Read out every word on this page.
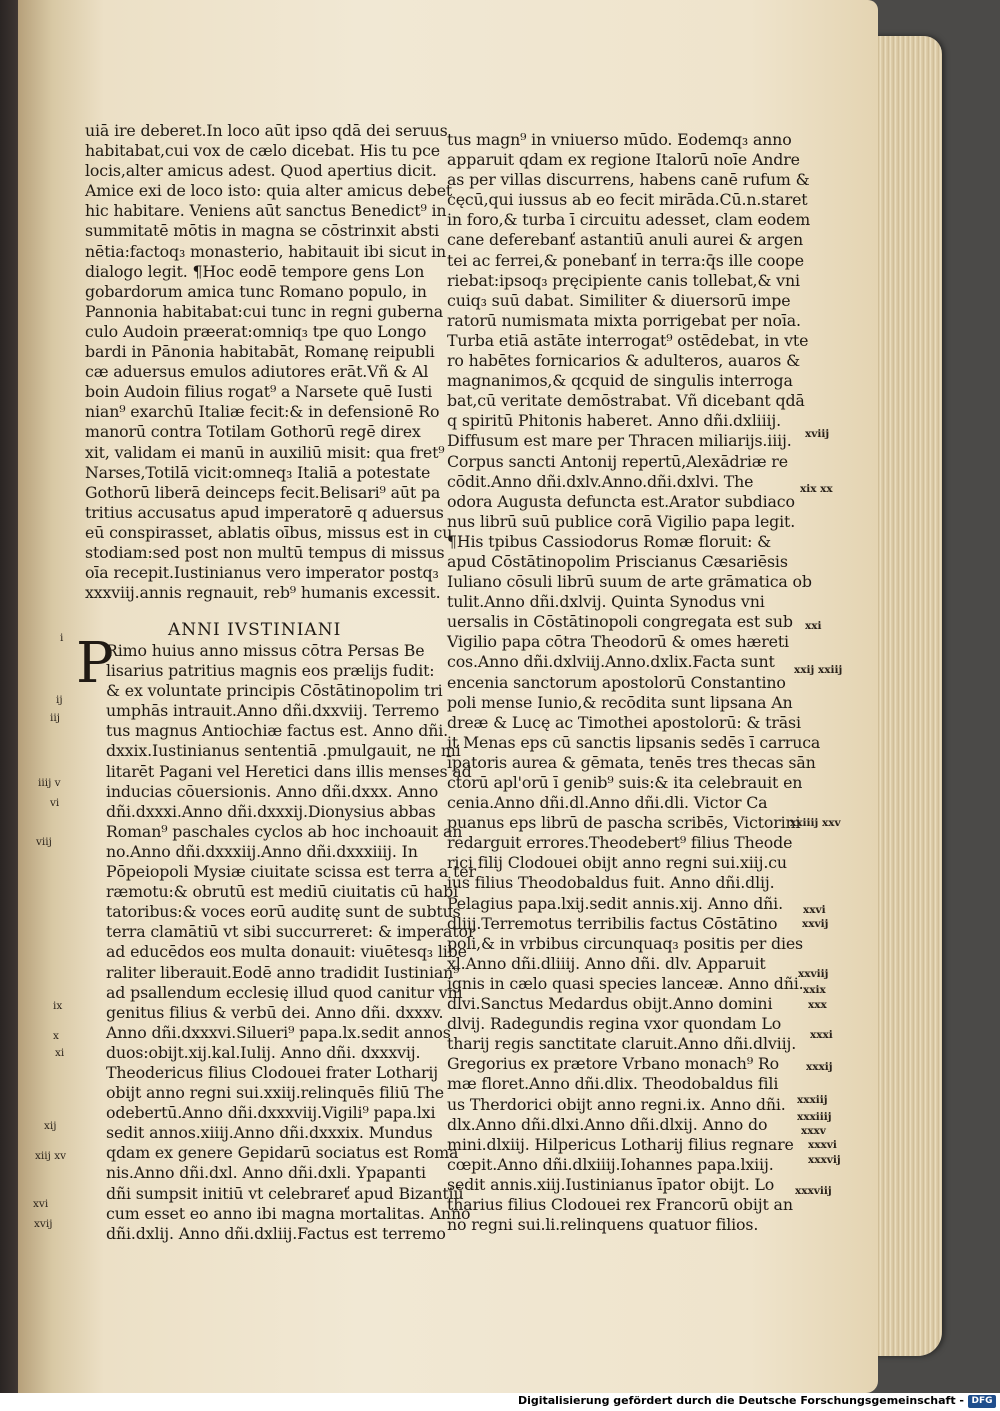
uiā ire deberet.In loco aūt ipso qdā dei seruus
habitabat,cui vox de cælo dicebat. His tu pce
locis,alter amicus adest. Quod apertius dicit.
Amice exi de loco isto: quia alter amicus debet
hic habitare. Veniens aūt sanctus Benedict⁹ in
summitatē mōtis in magna se cōstrinxit absti
nētia:factoq₃ monasterio, habitauit ibi sicut in
dialogo legit. ¶Hoc eodē tempore gens Lon
gobardorum amica tunc Romano populo, in
Pannonia habitabat:cui tunc in regni guberna
culo Audoin præerat:omniq₃ tpe quo Longo
bardi in Pānonia habitabāt, Romanę reipubli
cæ aduersus emulos adiutores erāt.Vñ & Al
boin Audoin filius rogat⁹ a Narsete quē Iusti
nian⁹ exarchū Italiæ fecit:& in defensionē Ro
manorū contra Totilam Gothorū regē direx
xit, validam ei manū in auxiliū misit: qua fret⁹
Narses,Totilā vicit:omneq₃ Italiā a potestate
Gothorū liberā deinceps fecit.Belisari⁹ aūt pa
tritius accusatus apud imperatorē q aduersus
eū conspirasset, ablatis oībus, missus est in cu
stodiam:sed post non multū tempus di missus
oīa recepit.Iustinianus vero imperator postq₃
xxxviij.annis regnauit, reb⁹ humanis excessit.
ANNI IVSTINIANI
P
Rimo huius anno missus cōtra Persas Be
lisarius patritius magnis eos prælijs fudit:
& ex voluntate principis Cōstātinopolim tri
umphās intrauit.Anno dñi.dxxviij. Terremo
tus magnus Antiochiæ factus est. Anno dñi.
dxxix.Iustinianus sententiā .pmulgauit, ne mi
litarēt Pagani vel Heretici dans illis menses ad
inducias cōuersionis. Anno dñi.dxxx. Anno
dñi.dxxxi.Anno dñi.dxxxij.Dionysius abbas
Roman⁹ paschales cyclos ab hoc inchoauit an
no.Anno dñi.dxxxiij.Anno dñi.dxxxiiij. In
Pōpeiopoli Mysiæ ciuitate scissa est terra a ter
ræmotu:& obrutū est mediū ciuitatis cū habi
tatoribus:& voces eorū auditę sunt de subtus
terra clamātiū vt sibi succurreret: & imperator
ad educēdos eos multa donauit: viuētesq₃ libe
raliter liberauit.Eodē anno tradidit Iustinian⁹
ad psallendum ecclesię illud quod canitur vni
genitus filius & verbū dei. Anno dñi. dxxxv.
Anno dñi.dxxxvi.Silueri⁹ papa.lx.sedit annos
duos:obijt.xij.kal.Iulij. Anno dñi. dxxxvij.
Theodericus filius Clodouei frater Lotharij
obijt anno regni sui.xxiij.relinquēs filiū The
odebertū.Anno dñi.dxxxviij.Vigili⁹ papa.lxi
sedit annos.xiiij.Anno dñi.dxxxix. Mundus
qdam ex genere Gepidarū sociatus est Roma
nis.Anno dñi.dxl. Anno dñi.dxli. Ypapanti
dñi sumpsit initiū vt celebrareť apud Bizantiū
cum esset eo anno ibi magna mortalitas. Anno
dñi.dxlij. Anno dñi.dxliij.Factus est terremo
tus magn⁹ in vniuerso mūdo. Eodemq₃ anno
apparuit qdam ex regione Italorū noīe Andre
as per villas discurrens, habens canē rufum &
cęcū,qui iussus ab eo fecit mirāda.Cū.n.staret
in foro,& turba ī circuitu adesset, clam eodem
cane deferebanť astantiū anuli aurei & argen
tei ac ferrei,& ponebanť in terra:q̄s ille coope
riebat:ipsoq₃ pręcipiente canis tollebat,& vni
cuiq₃ suū dabat. Similiter & diuersorū impe
ratorū numismata mixta porrigebat per noīa.
Turba etiā astāte interrogat⁹ ostēdebat, in vte
ro habētes fornicarios & adulteros, auaros &
magnanimos,& qcquid de singulis interroga
bat,cū veritate demōstrabat. Vñ dicebant qdā
q spiritū Phitonis haberet. Anno dñi.dxliiij.
Diffusum est mare per Thracen miliarijs.iiij.
Corpus sancti Antonij repertū,Alexādriæ re
cōdit.Anno dñi.dxlv.Anno.dñi.dxlvi. The
odora Augusta defuncta est.Arator subdiaco
nus librū suū publice corā Vigilio papa legit.
¶His tpibus Cassiodorus Romæ floruit: &
apud Cōstātinopolim Priscianus Cæsariēsis
Iuliano cōsuli librū suum de arte grāmatica ob
tulit.Anno dñi.dxlvij. Quinta Synodus vni
uersalis in Cōstātinopoli congregata est sub
Vigilio papa cōtra Theodorū & omes hæreti
cos.Anno dñi.dxlviij.Anno.dxlix.Facta sunt
encenia sanctorum apostolorū Constantino
poli mense Iunio,& recōdita sunt lipsana An
dreæ & Lucę ac Timothei apostolorū: & trāsi
it Menas eps cū sanctis lipsanis sedēs ī carruca
īpatoris aurea & gēmata, tenēs tres thecas sān
ctorū apl'orū ī genib⁹ suis:& ita celebrauit en
cenia.Anno dñi.dl.Anno dñi.dli. Victor Ca
puanus eps librū de pascha scribēs, Victorini
redarguit errores.Theodebert⁹ filius Theode
rici filij Clodouei obijt anno regni sui.xiij.cu
ius filius Theodobaldus fuit. Anno dñi.dlij.
Pelagius papa.lxij.sedit annis.xij. Anno dñi.
dliij.Terremotus terribilis factus Cōstātino
poli,& in vrbibus circunquaq₃ positis per dies
xl.Anno dñi.dliiij. Anno dñi. dlv. Apparuit
ignis in cælo quasi species lanceæ. Anno dñi.
dlvi.Sanctus Medardus obijt.Anno domini
dlvij. Radegundis regina vxor quondam Lo
tharij regis sanctitate claruit.Anno dñi.dlviij.
Gregorius ex prætore Vrbano monach⁹ Ro
mæ floret.Anno dñi.dlix. Theodobaldus fili
us Therdorici obijt anno regni.ix. Anno dñi.
dlx.Anno dñi.dlxi.Anno dñi.dlxij. Anno do
mini.dlxiij. Hilpericus Lotharij filius regnare
cœpit.Anno dñi.dlxiiij.Iohannes papa.lxiij.
sedit annis.xiij.Iustinianus īpator obijt. Lo
tharius filius Clodouei rex Francorū obijt an
no regni sui.li.relinquens quatuor filios.
i
ij
iij
iiij v
vi
viij
ix
x
xi
xij
xiij xv
xvi
xvij
xviij
xix xx
xxi
xxij xxiij
xxiiij xxv
xxvi
xxvij
xxviij
xxix
xxx
xxxi
xxxij
xxxiij
xxxiiij
xxxv
xxxvi
xxxvij
xxxviij
Digitalisierung gefördert durch die Deutsche Forschungsgemeinschaft - DFG
